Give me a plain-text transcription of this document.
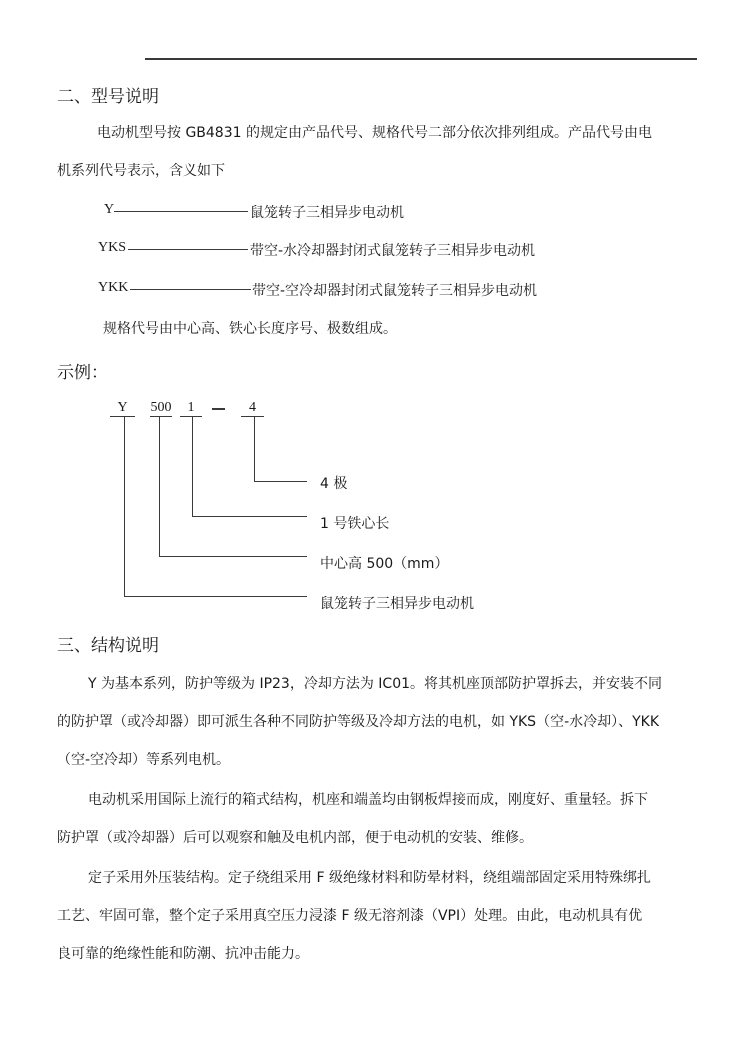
二、型号说明
电动机型号按 GB4831 的规定由产品代号、规格代号二部分依次排列组成。产品代号由电
机系列代号表示，含义如下
Y	鼠笼转子三相异步电动机
YKS	带空-水冷却器封闭式鼠笼转子三相异步电动机
YKK	带空-空冷却器封闭式鼠笼转子三相异步电动机
规格代号由中心高、铁心长度序号、极数组成。
示例：
Y	500	1	4
4 极
1 号铁心长
中心高 500（mm）
鼠笼转子三相异步电动机
三、结构说明
Y 为基本系列，防护等级为 IP23，冷却方法为 IC01。将其机座顶部防护罩拆去，并安装不同
的防护罩（或冷却器）即可派生各种不同防护等级及冷却方法的电机，如 YKS（空-水冷却）、YKK
（空-空冷却）等系列电机。
电动机采用国际上流行的箱式结构，机座和端盖均由钢板焊接而成，刚度好、重量轻。拆下
防护罩（或冷却器）后可以观察和触及电机内部，便于电动机的安装、维修。
定子采用外压装结构。定子绕组采用 F 级绝缘材料和防晕材料，绕组端部固定采用特殊绑扎
工艺、牢固可靠，整个定子采用真空压力浸漆 F 级无溶剂漆（VPI）处理。由此，电动机具有优
良可靠的绝缘性能和防潮、抗冲击能力。
